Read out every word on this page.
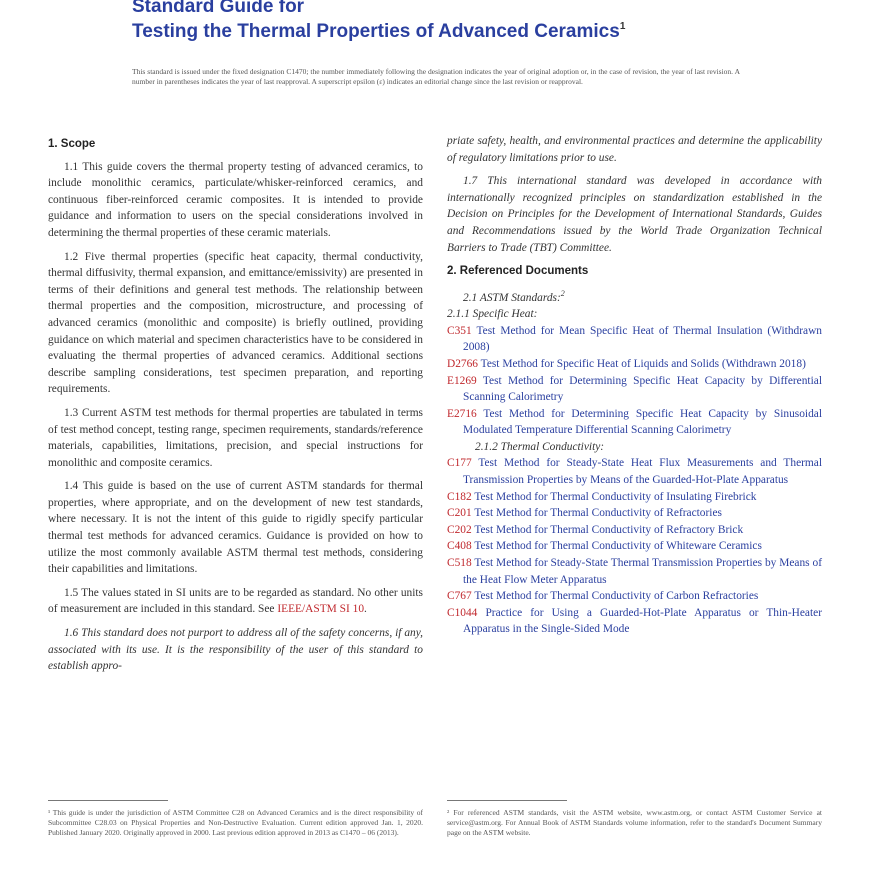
Standard Guide for
Testing the Thermal Properties of Advanced Ceramics$^1$
This standard is issued under the fixed designation C1470; the number immediately following the designation indicates the year of original adoption or, in the case of revision, the year of last revision. A number in parentheses indicates the year of last reapproval. A superscript epsilon (ε) indicates an editorial change since the last revision or reapproval.
1. Scope

1.1 This guide covers the thermal property testing of advanced ceramics, to include monolithic ceramics, particulate/whisker-reinforced ceramics, and continuous fiber-reinforced ceramic composites. It is intended to provide guidance and information to users on the special considerations involved in determining the thermal properties of these ceramic materials.

1.2 Five thermal properties (specific heat capacity, thermal conductivity, thermal diffusivity, thermal expansion, and emittance/emissivity) are presented in terms of their definitions and general test methods. The relationship between thermal properties and the composition, microstructure, and processing of advanced ceramics (monolithic and composite) is briefly outlined, providing guidance on which material and specimen characteristics have to be considered in evaluating the thermal properties of advanced ceramics. Additional sections describe sampling considerations, test specimen preparation, and reporting requirements.

1.3 Current ASTM test methods for thermal properties are tabulated in terms of test method concept, testing range, specimen requirements, standards/reference materials, capabilities, limitations, precision, and special instructions for monolithic and composite ceramics.

1.4 This guide is based on the use of current ASTM standards for thermal properties, where appropriate, and on the development of new test standards, where necessary. It is not the intent of this guide to rigidly specify particular thermal test methods for advanced ceramics. Guidance is provided on how to utilize the most commonly available ASTM thermal test methods, considering their capabilities and limitations.

1.5 The values stated in SI units are to be regarded as standard. No other units of measurement are included in this standard. See IEEE/ASTM SI 10.

1.6 This standard does not purport to address all of the safety concerns, if any, associated with its use. It is the responsibility of the user of this standard to establish appro-

priate safety, health, and environmental practices and determine the applicability of regulatory limitations prior to use.

1.7 This international standard was developed in accordance with internationally recognized principles on standardization established in the Decision on Principles for the Development of International Standards, Guides and Recommendations issued by the World Trade Organization Technical Barriers to Trade (TBT) Committee.

2. Referenced Documents
2.1 ASTM Standards:$^2$
2.1.1 Specific Heat:

C351 Test Method for Mean Specific Heat of Thermal Insulation (Withdrawn 2008)

D2766 Test Method for Specific Heat of Liquids and Solids (Withdrawn 2018)

E1269 Test Method for Determining Specific Heat Capacity by Differential Scanning Calorimetry

E2716 Test Method for Determining Specific Heat Capacity by Sinusoidal Modulated Temperature Differential Scanning Calorimetry

2.1.2 Thermal Conductivity:

C177 Test Method for Steady-State Heat Flux Measurements and Thermal Transmission Properties by Means of the Guarded-Hot-Plate Apparatus

C182 Test Method for Thermal Conductivity of Insulating Firebrick

C201 Test Method for Thermal Conductivity of Refractories

C202 Test Method for Thermal Conductivity of Refractory Brick

C408 Test Method for Thermal Conductivity of Whiteware Ceramics

C518 Test Method for Steady-State Thermal Transmission Properties by Means of the Heat Flow Meter Apparatus

C767 Test Method for Thermal Conductivity of Carbon Refractories

C1044 Practice for Using a Guarded-Hot-Plate Apparatus or Thin-Heater Apparatus in the Single-Sided Mode

¹ This guide is under the jurisdiction of ASTM Committee C28 on Advanced Ceramics and is the direct responsibility of Subcommittee C28.03 on Physical Properties and Non-Destructive Evaluation. Current edition approved Jan. 1, 2020. Published January 2020. Originally approved in 2000. Last previous edition approved in 2013 as C1470 – 06 (2013).
² For referenced ASTM standards, visit the ASTM website, www.astm.org, or contact ASTM Customer Service at service@astm.org. For Annual Book of ASTM Standards volume information, refer to the standard's Document Summary page on the ASTM website.
